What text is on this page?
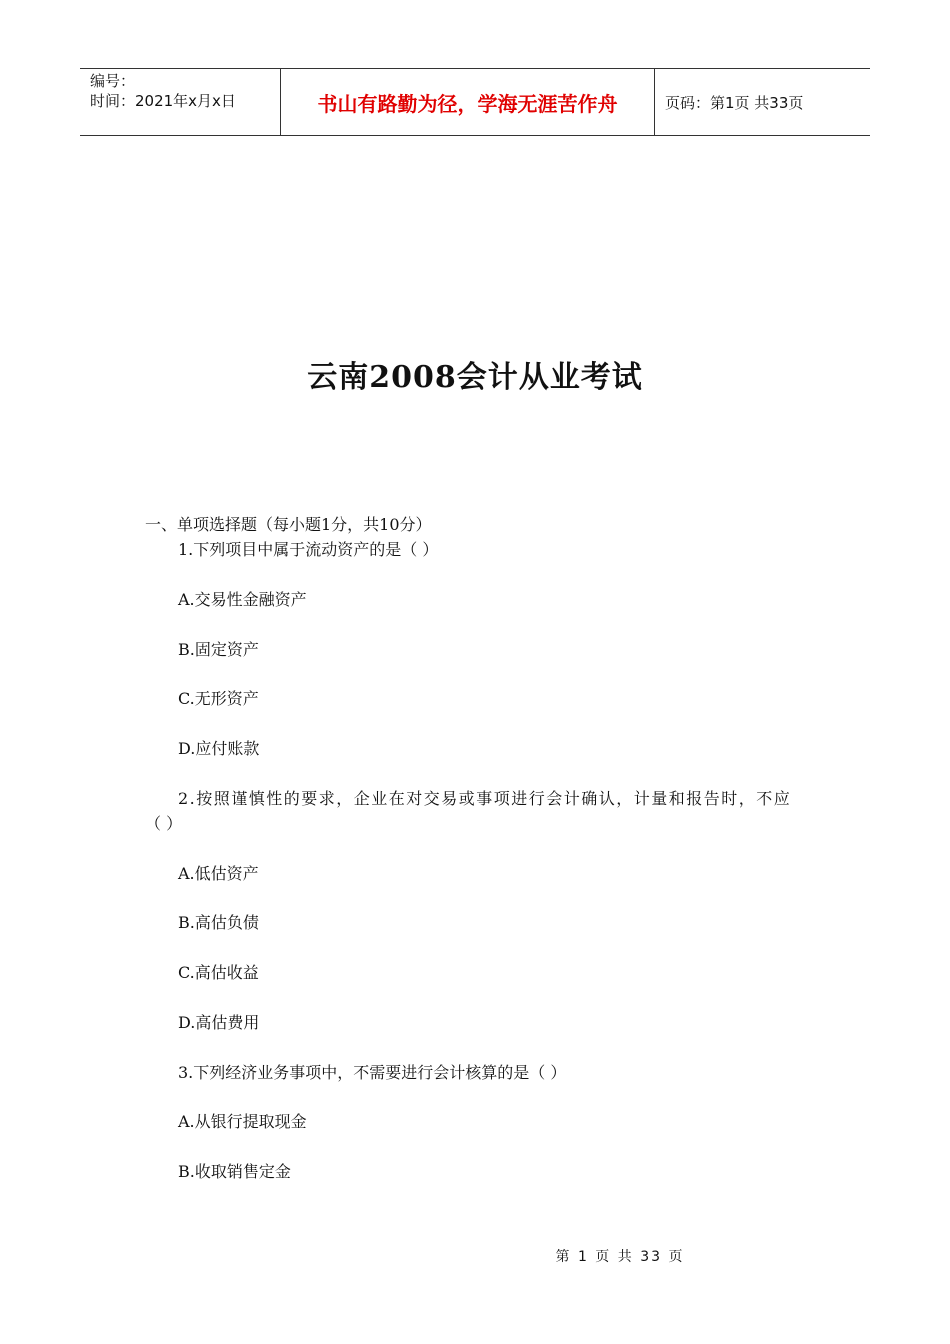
编号：
时间：2021年x月x日	书山有路勤为径，学海无涯苦作舟	页码：第1页 共33页
云南2008会计从业考试
一、单项选择题（每小题1分，共10分）
1.下列项目中属于流动资产的是（ ）
A.交易性金融资产
B.固定资产
C.无形资产
D.应付账款
2.按照谨慎性的要求，企业在对交易或事项进行会计确认，计量和报告时，不应
（ ）
A.低估资产
B.高估负债
C.高估收益
D.高估费用
3.下列经济业务事项中，不需要进行会计核算的是（ ）
A.从银行提取现金
B.收取销售定金
第 1 页 共 33 页
